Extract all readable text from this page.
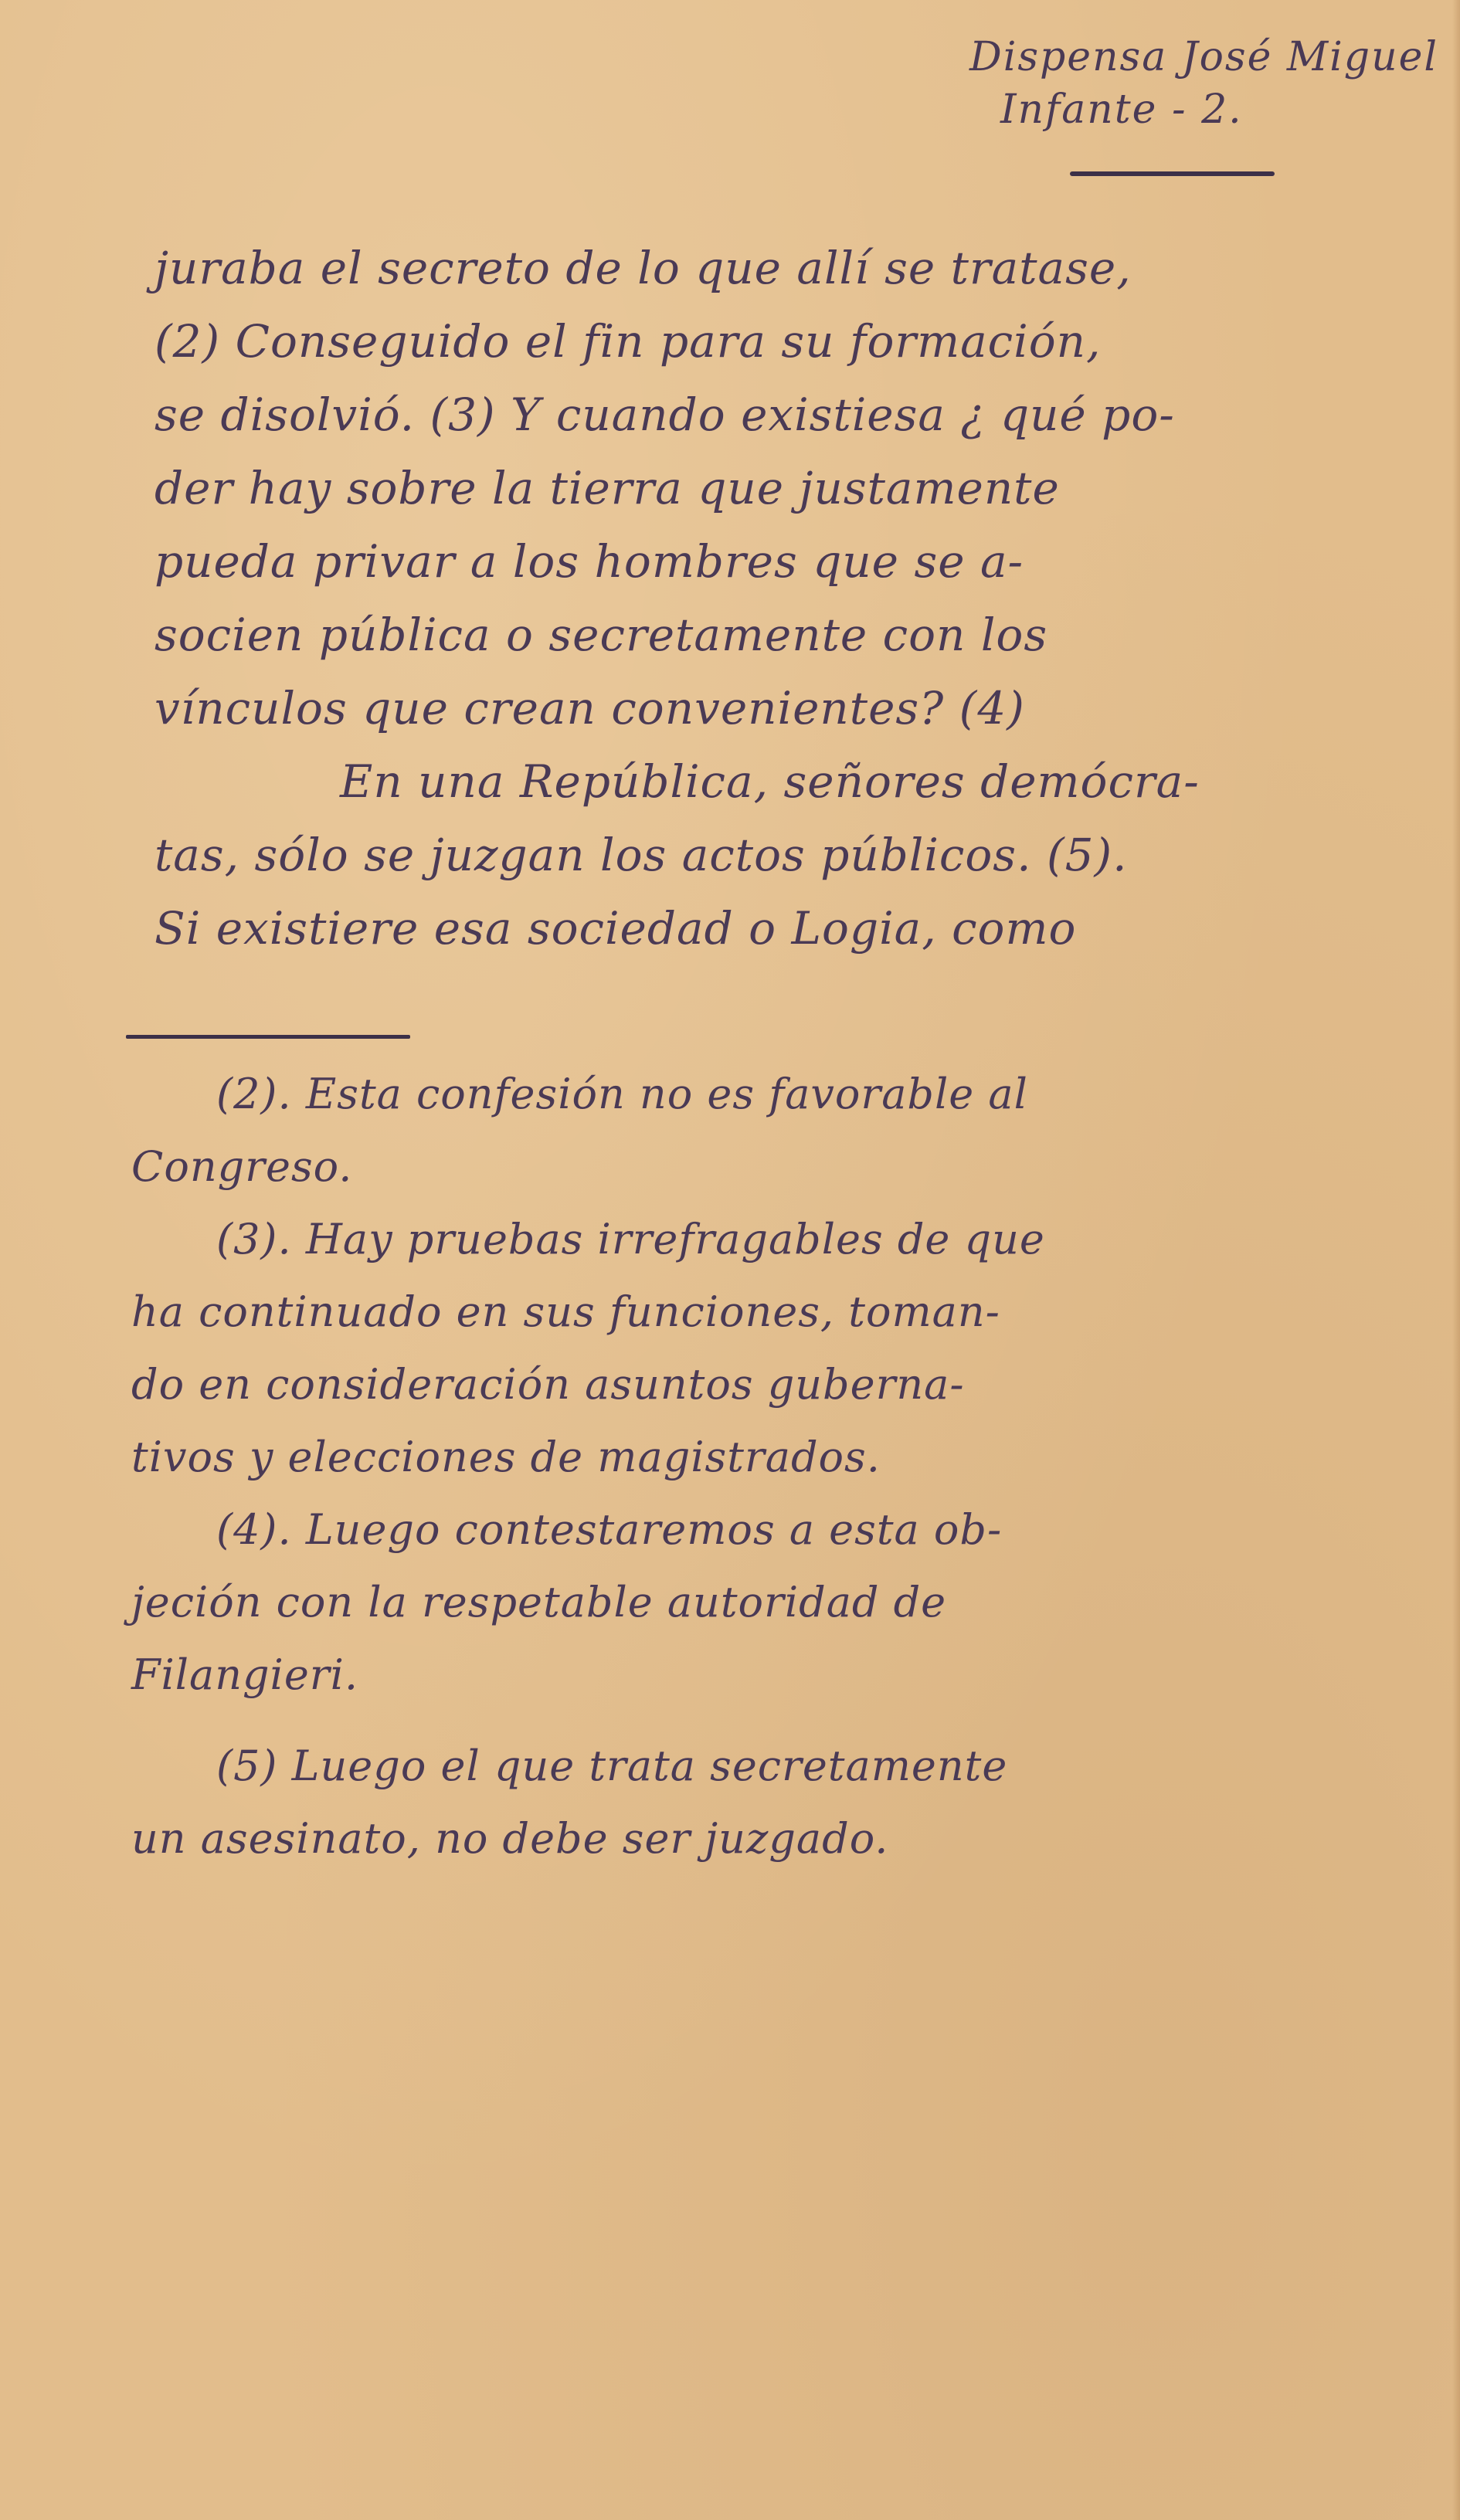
Dispensa José Miguel
Infante - 2.
juraba el secreto de lo que allí se tratase,
(2) Conseguido el fin para su formación,
se disolvió. (3) Y cuando existiesa ¿ qué po-
der hay sobre la tierra que justamente
pueda privar a los hombres que se a-
socien pública o secretamente con los
vínculos que crean convenientes? (4)
En una República, señores demócra-
tas, sólo se juzgan los actos públicos. (5).
Si existiere esa sociedad o Logia, como
(2). Esta confesión no es favorable al
Congreso.
(3). Hay pruebas irrefragables de que
ha continuado en sus funciones, toman-
do en consideración asuntos guberna-
tivos y elecciones de magistrados.
(4). Luego contestaremos a esta ob-
jeción con la respetable autoridad de
Filangieri.
(5) Luego el que trata secretamente
un asesinato, no debe ser juzgado.
